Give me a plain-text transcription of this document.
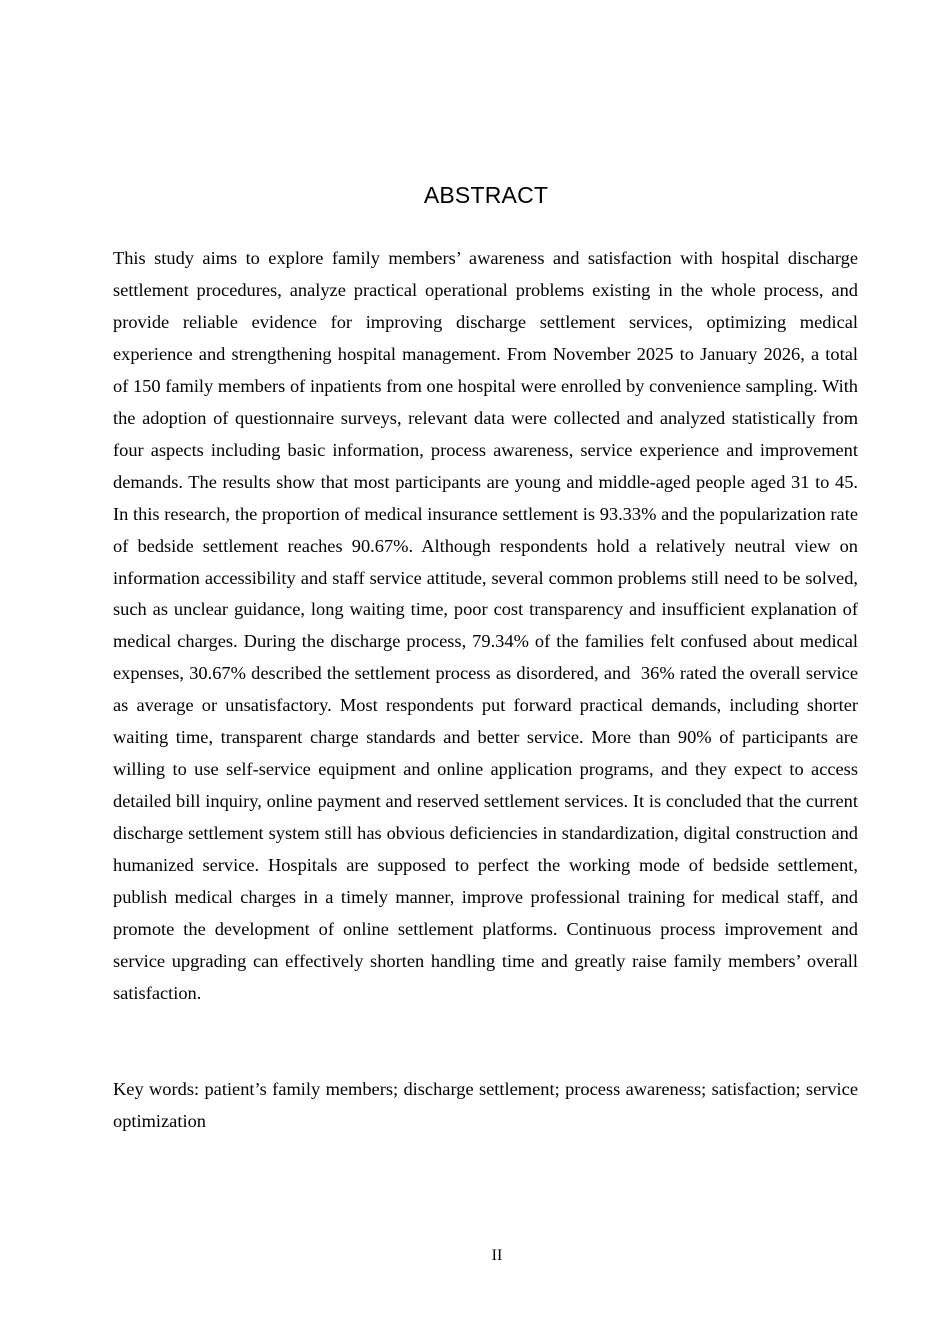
ABSTRACT

This study aims to explore family members’ awareness and satisfaction with hospital discharge settlement procedures, analyze practical operational problems existing in the whole process, and provide reliable evidence for improving discharge settlement services, optimizing medical experience and strengthening hospital management. From November 2025 to January 2026, a total of 150 family members of inpatients from one hospital were enrolled by convenience sampling. With the adoption of questionnaire surveys, relevant data were collected and analyzed statistically from four aspects including basic information, process awareness, service experience and improvement demands. The results show that most participants are young and middle-aged people aged 31 to 45. In this research, the proportion of medical insurance settlement is 93.33% and the popularization rate of bedside settlement reaches 90.67%. Although respondents hold a relatively neutral view on information accessibility and staff service attitude, several common problems still need to be solved, such as unclear guidance, long waiting time, poor cost transparency and insufficient explanation of medical charges. During the discharge process, 79.34% of the families felt confused about medical expenses, 30.67% described the settlement process as disordered, and  36% rated the overall service as average or unsatisfactory. Most respondents put forward practical demands, including shorter waiting time, transparent charge standards and better service. More than 90% of participants are willing to use self-service equipment and online application programs, and they expect to access detailed bill inquiry, online payment and reserved settlement services. It is concluded that the current discharge settlement system still has obvious deficiencies in standardization, digital construction and humanized service. Hospitals are supposed to perfect the working mode of bedside settlement, publish medical charges in a timely manner, improve professional training for medical staff, and promote the development of online settlement platforms. Continuous process improvement and service upgrading can effectively shorten handling time and greatly raise family members’ overall satisfaction.

Key words: patient’s family members; discharge settlement; process awareness; satisfaction; service optimization

II
